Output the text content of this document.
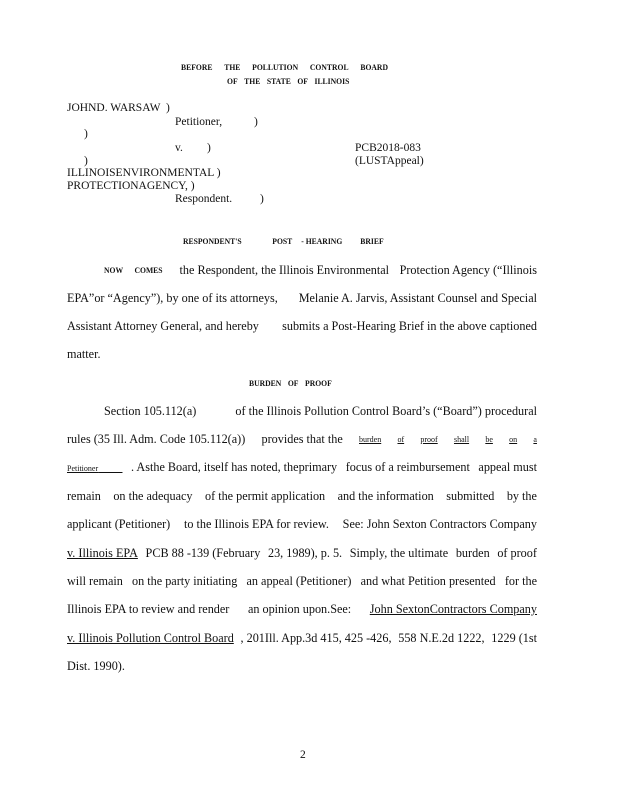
BEFORE THE POLLUTION CONTROL BOARD
OF THE STATE OF ILLINOIS
JOHND. WARSAW )
Petitioner,	)
)
v. )	PCB2018-083
(LUSTAppeal)
)
ILLINOISENVIRONMENTAL )
PROTECTIONAGENCY, )
Respondent. )
RESPONDENT'S	POST - HEARING BRIEF
NOW COMES the Respondent, the Illinois Environmental Protection Agency (“Illinois
EPA”or “Agency”), by one of its attorneys, Melanie A. Jarvis, Assistant Counsel and Special
Assistant Attorney General, and hereby submits a Post-Hearing Brief in the above captioned
matter.
BURDEN OF PROOF
Section 105.112(a)	of the Illinois Pollution Control Board’s (“Board”) procedural
rules (35 Ill. Adm. Code 105.112(a)) provides that the burden of proof shall be on a
Petitioner	. Asthe Board, itself has noted, theprimary focus of a reimbursement appeal must
remain on the adequacy of the permit application and the information submitted by the
applicant (Petitioner) to the Illinois EPA for review. See: John Sexton Contractors Company
v. Illinois EPA PCB 88 -139 (February 23, 1989), p. 5. Simply, the ultimate burden of proof
will remain on the party initiating an appeal (Petitioner) and what Petition presented for the
Illinois EPA to review and render an opinion upon.See: John SextonContractors Company
v. Illinois Pollution Control Board , 201Ill. App.3d 415, 425 -426, 558 N.E.2d 1222, 1229 (1st
Dist. 1990).
2
